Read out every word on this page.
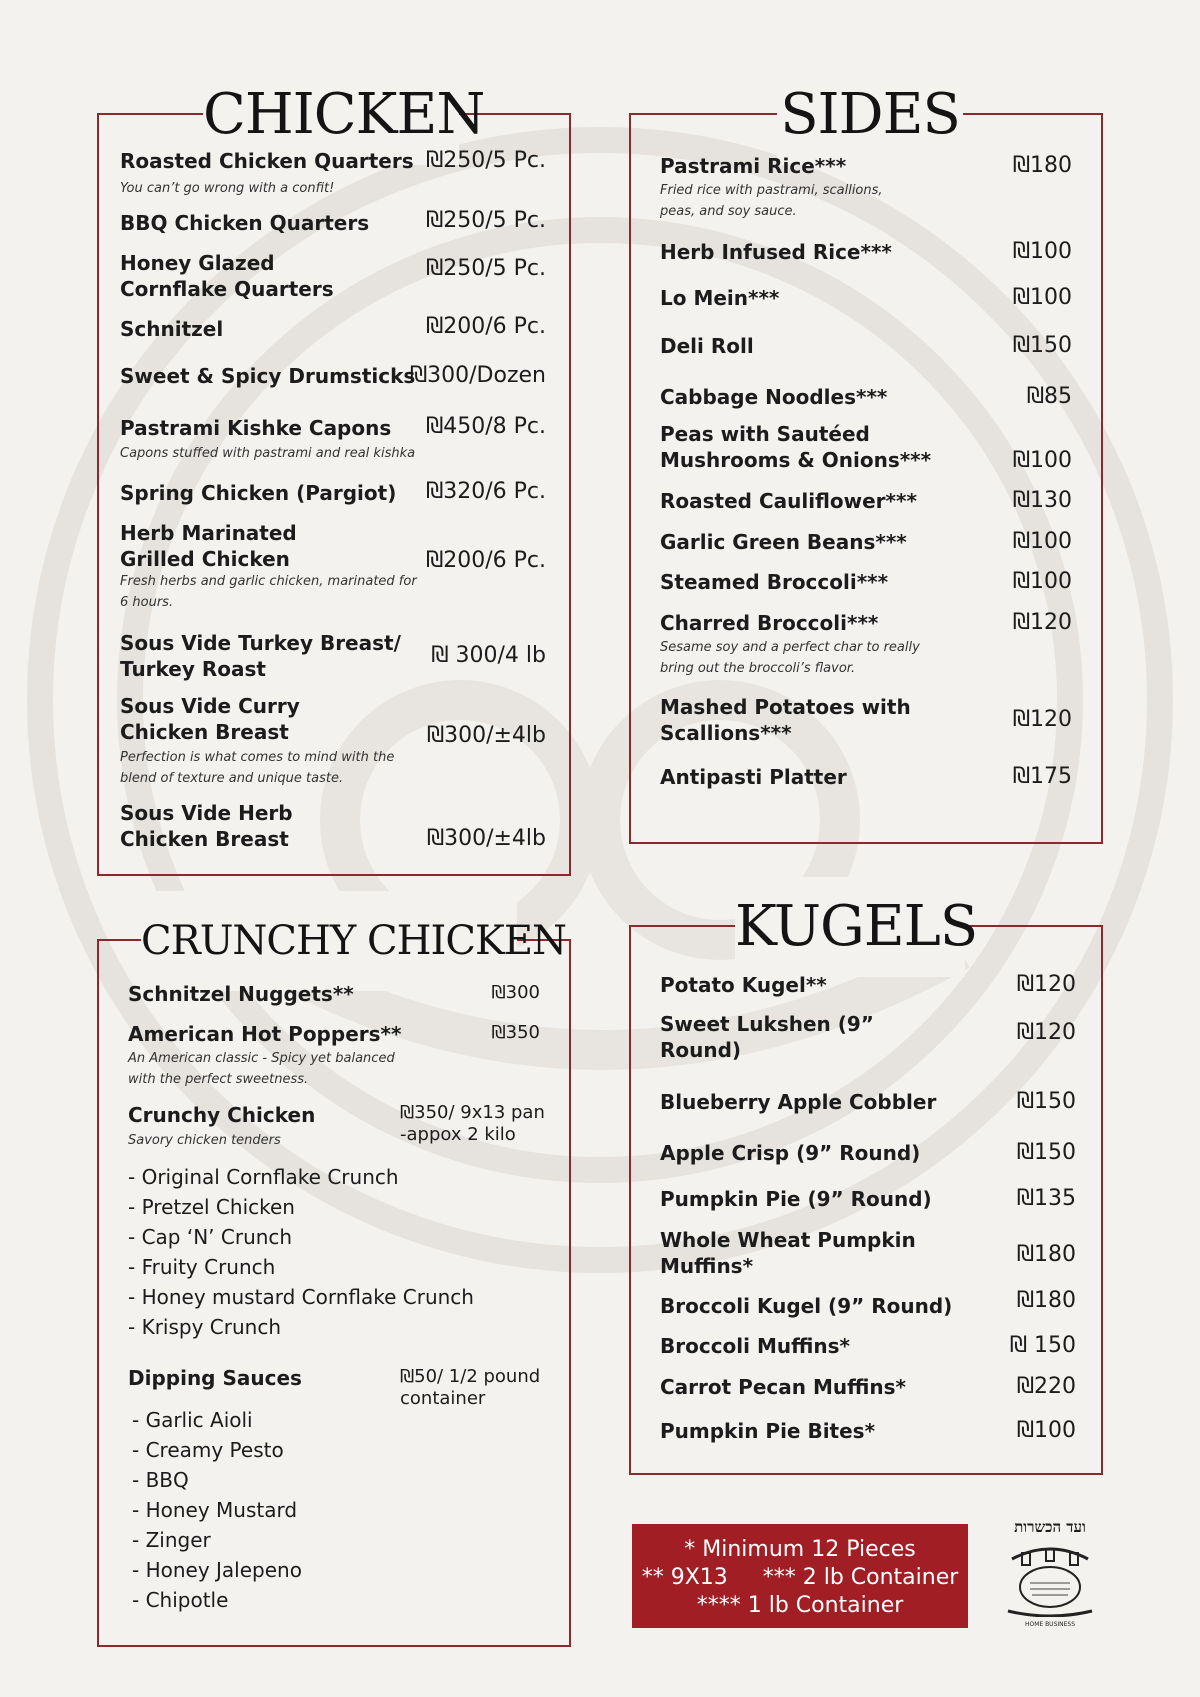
CHICKEN	SIDES
CRUNCHY CHICKEN	KUGELS
* Minimum 12 Pieces
** 9X13     *** 2 lb Container
**** 1 lb Container
ועד הכשרות
HOME BUSINESS
Roasted Chicken Quarters ₪250/5 Pc.
You can’t go wrong with a confit!
BBQ Chicken Quarters	₪250/5 Pc.
Honey Glazed
Cornflake Quarters
₪250/5 Pc.
Schnitzel	₪200/6 Pc.
Sweet & Spicy Drumsticks
₪300/Dozen
Pastrami Kishke Capons	₪450/8 Pc.
Capons stuffed with pastrami and real kishka
Spring Chicken (Pargiot)	₪320/6 Pc.
Herb Marinated
Grilled Chicken	₪200/6 Pc.
Fresh herbs and garlic chicken, marinated for
6 hours.
Sous Vide Turkey Breast/
Turkey Roast
₪ 300/4 lb
Sous Vide Curry
Chicken Breast	₪300/±4lb
Perfection is what comes to mind with the
blend of texture and unique taste.
Sous Vide Herb
Chicken Breast	₪300/±4lb
Pastrami Rice***	₪180
Fried rice with pastrami, scallions,
peas, and soy sauce.
Herb Infused Rice***	₪100
Lo Mein***	₪100
Deli Roll	₪150
Cabbage Noodles***	₪85
Peas with Sautéed
Mushrooms & Onions***	₪100
Roasted Cauliflower***	₪130
Garlic Green Beans***	₪100
Steamed Broccoli***	₪100
Charred Broccoli***	₪120
Sesame soy and a perfect char to really
bring out the broccoli’s flavor.
Mashed Potatoes with
Scallions***
₪120
Antipasti Platter	₪175
Schnitzel Nuggets**	₪300
American Hot Poppers**	₪350
An American classic - Spicy yet balanced
with the perfect sweetness.
Crunchy Chicken	₪350/ 9x13 pan
-appox 2 kilo
Savory chicken tenders
- Original Cornflake Crunch
- Pretzel Chicken
- Cap ‘N’ Crunch
- Fruity Crunch
- Honey mustard Cornflake Crunch
- Krispy Crunch
Dipping Sauces	₪50/ 1/2 pound
container
- Garlic Aioli
- Creamy Pesto
- BBQ
- Honey Mustard
- Zinger
- Honey Jalepeno
- Chipotle
Potato Kugel**	₪120
Sweet Lukshen (9”
Round)
₪120
Blueberry Apple Cobbler	₪150
Apple Crisp (9” Round)	₪150
Pumpkin Pie (9” Round)	₪135
Whole Wheat Pumpkin
Muffins*	₪180
Broccoli Kugel (9” Round)	₪180
Broccoli Muffins*	₪ 150
Carrot Pecan Muffins*	₪220
Pumpkin Pie Bites*	₪100
